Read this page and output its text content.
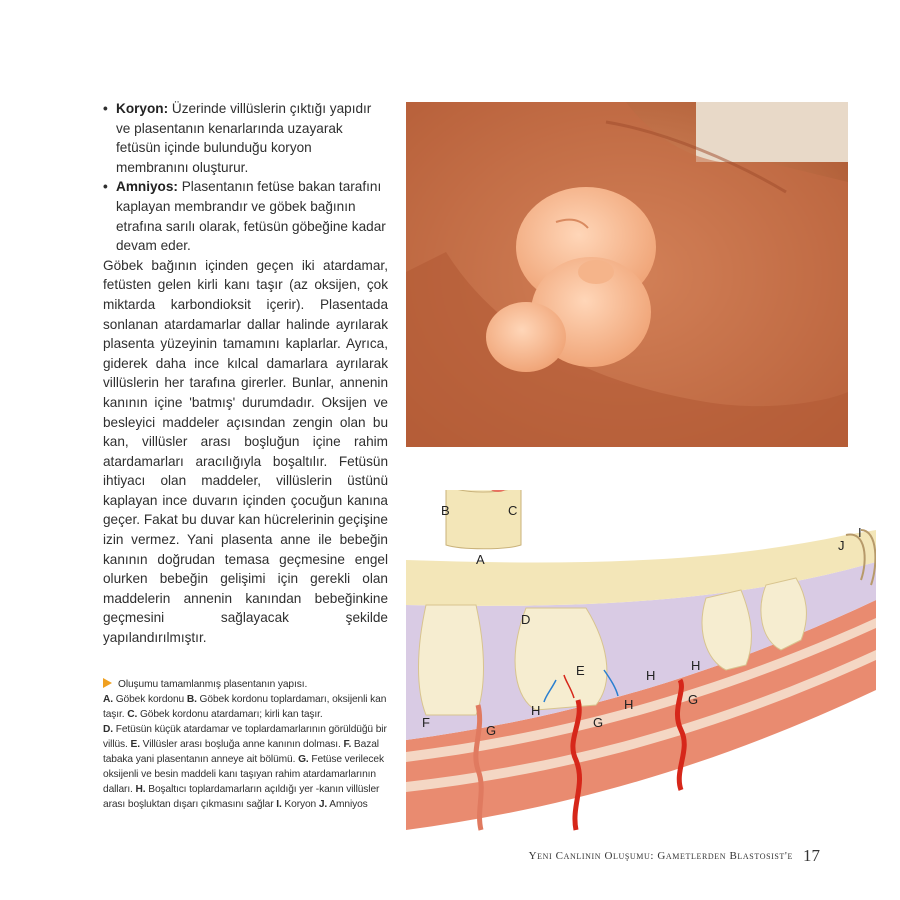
• Koryon: Üzerinde villüslerin çıktığı yapıdır ve plasentanın kenarlarında uzayarak fetüsün içinde bulunduğu koryon membranını oluşturur.
• Amniyos: Plasentanın fetüse bakan tarafını kaplayan membrandır ve göbek bağının etrafına sarılı olarak, fetüsün göbeğine kadar devam eder.
Göbek bağının içinden geçen iki atardamar, fetüsten gelen kirli kanı taşır (az oksijen, çok miktarda karbondioksit içerir). Plasentada sonlanan atardamarlar dallar halinde ayrılarak plasenta yüzeyinin tamamını kaplarlar. Ayrıca, giderek daha ince kılcal damarlara ayrılarak villüslerin her tarafına girerler. Bunlar, annenin kanının içine 'batmış' durumdadır. Oksijen ve besleyici maddeler açısından zengin olan bu kan, villüsler arası boşluğun içine rahim atardamarları aracılığıyla boşaltılır. Fetüsün ihtiyacı olan maddeler, villüslerin üstünü kaplayan ince duvarın içinden çocuğun kanına geçer. Fakat bu duvar kan hücrelerinin geçişine izin vermez. Yani plasenta anne ile bebeğin kanının doğrudan temasa geçmesine engel olurken bebeğin gelişimi için gerekli olan maddelerin annenin kanından bebeğinkine geçmesini sağlayacak şekilde yapılandırılmıştır.
B	C
A
D
E
F
G
G
G
H	H
H
H
I
J
Oluşumu tamamlanmış plasentanın yapısı.
A. Göbek kordonu B. Göbek kordonu toplardamarı, oksijenli kan taşır. C. Göbek kordonu atardamarı; kirli kan taşır.
D. Fetüsün küçük atardamar ve toplardamarlarının görüldüğü bir villüs. E. Villüsler arası boşluğa anne kanının dolması. F. Bazal tabaka yani plasentanın anneye ait bölümü. G. Fetüse verilecek oksijenli ve besin maddeli kanı taşıyan rahim atardamarlarının dalları. H. Boşaltıcı toplardamarların açıldığı yer -kanın villüsler arası boşluktan dışarı çıkmasını sağlar I. Koryon J. Amniyos
Yeni Canlının Oluşumu: Gametlerden Blastosist'e 17
